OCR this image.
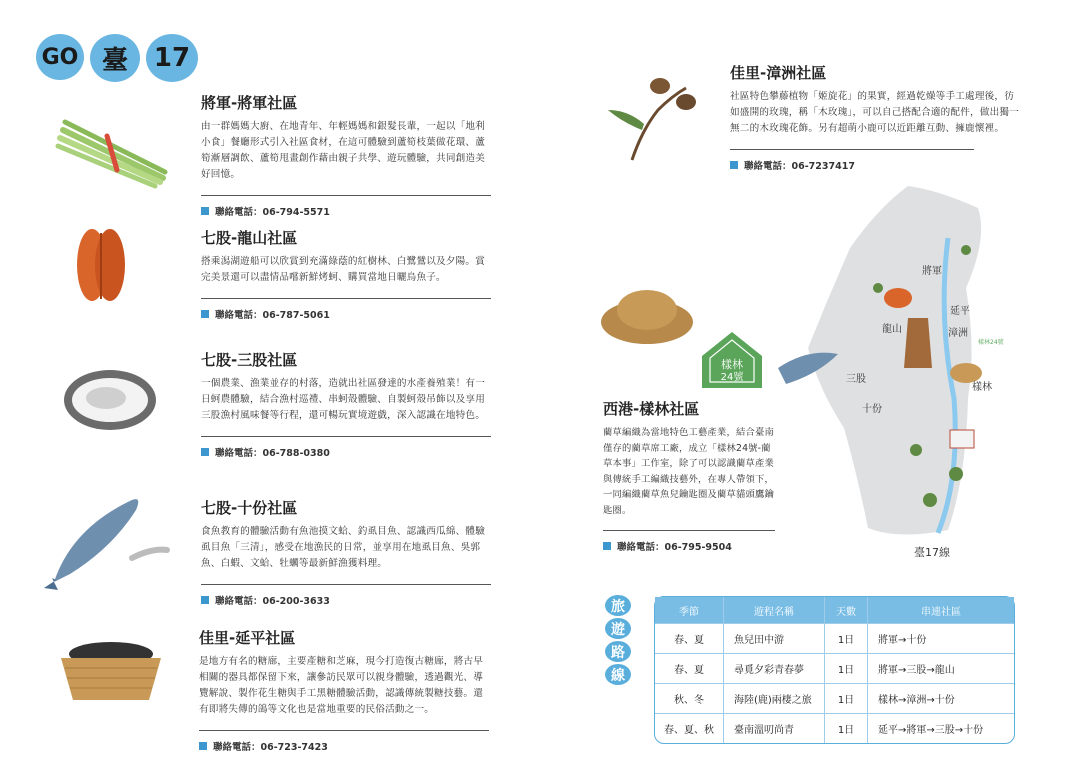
GO 臺 17
將軍-將軍社區

由一群媽媽大廚、在地青年、年輕媽媽和銀髮長輩，一起以「地利小食」餐廳形式引入社區食材，在這可體驗到蘆筍枝葉做花環、蘆筍漸層調飲、蘆筍甩畫創作藉由親子共學、遊玩體驗，共同創造美好回憶。

聯絡電話：06-794-5571
七股-龍山社區

搭乘潟湖遊船可以欣賞到充滿綠蔭的紅樹林、白鷺鷥以及夕陽。賞完美景還可以盡情品嚐新鮮烤蚵、購買當地日曬烏魚子。

聯絡電話：06-787-5061
七股-三股社區

一個農業、漁業並存的村落，造就出社區發達的水產養殖業！有一日蚵農體驗，結合漁村巡禮、串蚵殼體驗、自製蚵殼吊飾以及享用三股漁村風味餐等行程，還可暢玩實境遊戲，深入認識在地特色。

聯絡電話：06-788-0380
七股-十份社區

食魚教育的體驗活動有魚池摸文蛤、釣虱目魚、認識西瓜綿、體驗虱目魚「三清」，感受在地漁民的日常，並享用在地虱目魚、吳郭魚、白蝦、文蛤、牡蠣等最新鮮漁獲料理。

聯絡電話：06-200-3633
佳里-延平社區

是地方有名的糖廍，主要產糖和芝麻，現今打造復古糖廍，將古早相關的器具都保留下來，讓參訪民眾可以親身體驗，透過觀光、導覽解說、製作花生糖與手工黑糖體驗活動，認識傳統製糖技藝。還有即將失傳的鴿等文化也是當地重要的民俗活動之一。

聯絡電話：06-723-7423
佳里-漳洲社區

社區特色攀藤植物「姬旋花」的果實，經過乾燥等手工處理後，彷如盛開的玫瑰，稱「木玫瑰」，可以自己搭配合適的配件，做出獨一無二的木玫瑰花飾。另有超萌小鹿可以近距離互動、擁鹿懷裡。

聯絡電話：06-7237417
樣林
24號
西港-樣林社區

藺草編織為當地特色工藝產業，結合臺南僅存的藺草席工廠，成立「樣林24號-藺草本事」工作室，除了可以認識藺草產業與傳統手工編織技藝外，在專人帶領下，一同編織藺草魚兒鑰匙圈及藺草貓頭鷹鑰匙圈。

聯絡電話：06-795-9504
將軍
延平
龍山	漳洲
三股
十份
樣林
臺17線
樣林24號
旅
遊
路
線
季節	遊程名稱	天數	串連社區
春、夏	魚兒田中游	1日	將軍→十份
春、夏	尋覓夕彩青春夢	1日	將軍→三股→龍山
秋、冬	海陸(鹿)兩棲之旅	1日	樣林→漳洲→十份
春、夏、秋	臺南溫叨尚青	1日	延平→將軍→三股→十份
